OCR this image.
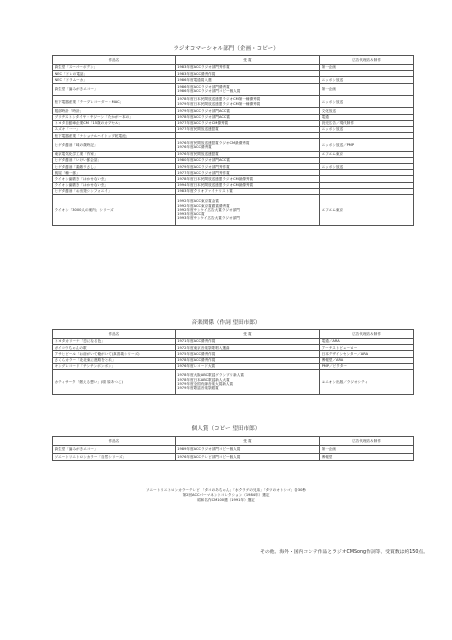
ラジオコマーシャル部門（企画・コピー）
作品名	受 賞	広告代理店＆制作

資生堂「スーパーボデン」	1983年度ACCラジオ部門秀作賞	第一企画

NEC「ドレの電話」	1983年度ACC優秀作賞	

NEC「ドラムーカ」	1986年度電通賞入選	ニッポン放送

資生堂「歯みがきエコー」	1986年度ACCラジオ部門優秀賞
1986年度ACCラジオ部門コピー個人賞	第一企画

松下電器産業「テープレコーダー・MAC」	1978年度日本民間放送連盟ラジオCM第一種優秀賞
1979年度日本民間放送連盟ラジオCM第一種優秀賞	ニッポン放送

服部時計「時計」	1979年度ACCラジオ部門ACC賞	文化放送

ブリヂストンタイヤ・ヤジーン「たかがー本の」	1978年度ACCラジオ部門ACC賞	電通

トヨタ自動車企業CM「15歳のカプセル」	1977年度ACCラジオCM優秀賞	読売広告／現代制作

スズキ「一一」	1977年度民間放送連盟賞	ニッポン放送

松下電器産業「ナショナルハイトップ乾電池」		

ヒゲタ醤油「味の歳時記」	1976年度民間放送連盟賞ラジオCM最優秀賞
1976年度ACC優秀賞	ニッポン放送／PMP

東京電気化学工業「作家」	1976年度民間放送連盟賞	エフエム東京

ヒゲタ醤油「いけい郎会話」	1980年度ACCラジオ部門ACC賞	

ヒゲタ醤油「素敵ウさし」	1979年度ACCラジオ部門秀作賞	ニッポン放送

桃屋「種一郎」	1977年度ACCラジオ部門秀作賞	

ライオン歯磨き「はかせない虫」	1978年度日本民間放送連盟ラジオCM最優秀賞	

ライオン歯磨き「はかせない虫」	1994年度日本民間放送連盟ラジオCM最優秀賞	

ヒゲタ醤油「お出発シンフォニイ」	1983年度クリオファイナリスト賞	

ライオン「3000人の案内」シリーズ	1992年度ACC東京賞金賞
1992年度ACC東京賞銀賞優秀賞
1992年度サンケイ広告大賞ラジオ部門
1993年度ACC賞
1993年度サンケイ広告大賞ラジオ部門	エフエム東京
音楽関係（作詞 望田市郎）
作品名	受 賞	広告代理店＆制作

トヨタカリーナ「恋になる色」	1971年度ACC優秀作賞	電通／ARA

ガイコウちゃんの歌	1972年度東京音楽祭歌唱入選曲	アーチストビューロー

アサヒビール「お前がいて俺がいて(真善義シリーズ)	1975年度ACC優秀作賞	日本デザインセンター／ARA

さくらカラー「北北東に進路をとれ」	1978年度ACC優秀作賞	博報堂／ARA

キングレコード「チンチンポンポン」	1976年度レコード大賞	PMP／ビクター

カティサーク「燃える想い」(唄 原あつこ)	1978年度大阪ABC歌謡グランプリ新人賞
1978年度日本ABC歌謡新人大賞
1979年度全国有線音楽大賞新人賞
1979年度歌謡音楽祭銀賞	ユニオン出版／ラジオシティ
個人賞（コピー 望田市郎）
作品名	受 賞	広告代理店＆制作

資生堂「歯みがきエコー」	1989年度ACCラジオ部門コピー個人賞	第一企画

ソニートリニトロンカラー「自然シリーズ」	1976年度ACCテレビ部門コピー個人賞	博報堂
ソニートリニトロンカラーテレビ 「タコのあちゃん」「水クラゲの兄弟」「タツのオトシゴ」各30秒
第2回ACCパーマネントコレクション（1984年）選定
昭和名作CM100選（1991年）選定
その他、海外・国内コンテ作品とラジオCMSong作詞等、受賞数は約150点。
